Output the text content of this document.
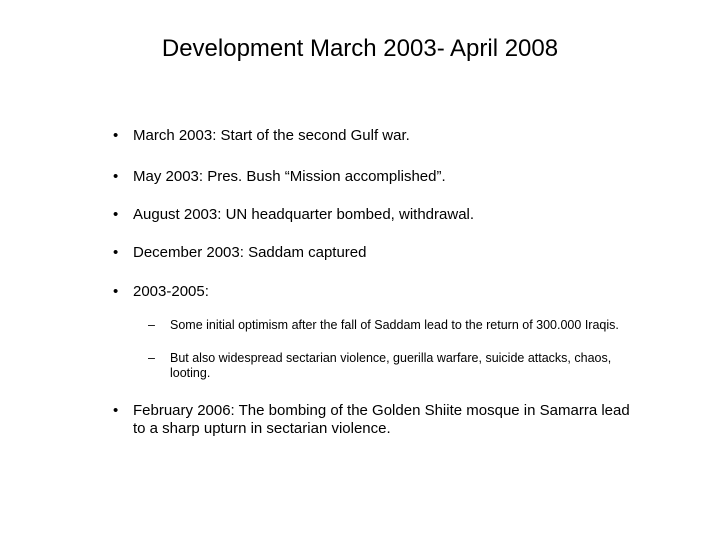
Development March 2003- April 2008
• March 2003: Start of the second Gulf war.
• May 2003: Pres. Bush “Mission accomplished”.
• August 2003: UN headquarter bombed, withdrawal.
• December 2003: Saddam captured
• 2003-2005:
–	Some initial optimism after the fall of Saddam lead to the return of 300.000 Iraqis.
–	But also widespread sectarian violence, guerilla warfare, suicide attacks, chaos,
looting.
• February 2006: The bombing of the Golden Shiite mosque in Samarra lead
to a sharp upturn in sectarian violence.
